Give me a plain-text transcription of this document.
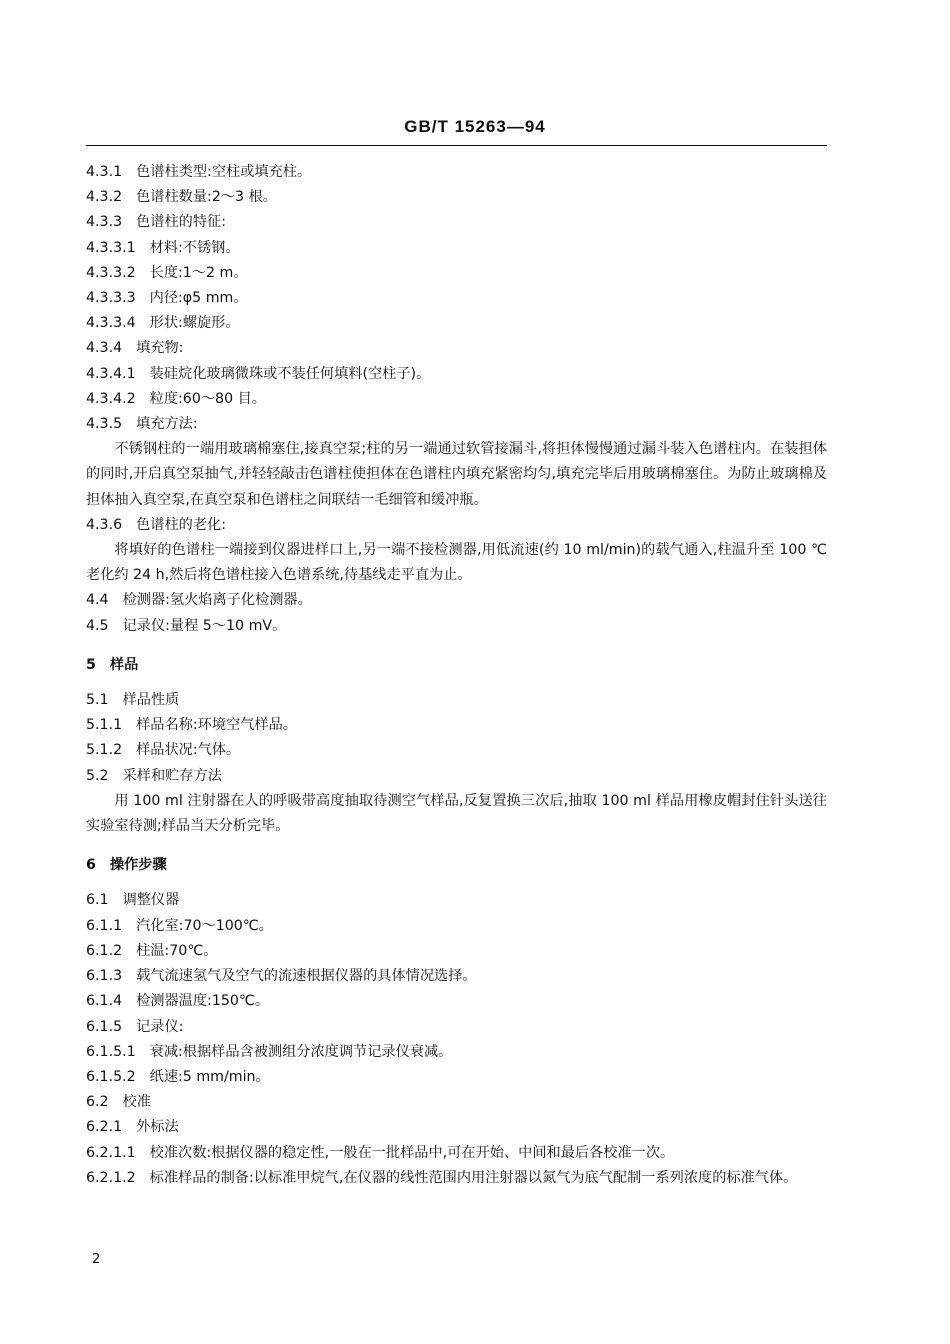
GB/T 15263—94
4.3.1 色谱柱类型:空柱或填充柱。
4.3.2 色谱柱数量:2～3 根。
4.3.3 色谱柱的特征:
4.3.3.1 材料:不锈钢。
4.3.3.2 长度:1～2 m。
4.3.3.3 内径:φ5 mm。
4.3.3.4 形状:螺旋形。
4.3.4 填充物:
4.3.4.1 装硅烷化玻璃微珠或不装任何填料(空柱子)。
4.3.4.2 粒度:60～80 目。
4.3.5 填充方法:
不锈钢柱的一端用玻璃棉塞住,接真空泵;柱的另一端通过软管接漏斗,将担体慢慢通过漏斗装入色谱柱内。在装担体的同时,开启真空泵抽气,并轻轻敲击色谱柱使担体在色谱柱内填充紧密均匀,填充完毕后用玻璃棉塞住。为防止玻璃棉及担体抽入真空泵,在真空泵和色谱柱之间联结一毛细管和缓冲瓶。
4.3.6 色谱柱的老化:
将填好的色谱柱一端接到仪器进样口上,另一端不接检测器,用低流速(约 10 ml/min)的载气通入,柱温升至 100 ℃老化约 24 h,然后将色谱柱接入色谱系统,待基线走平直为止。
4.4 检测器:氢火焰离子化检测器。
4.5 记录仪:量程 5～10 mV。
5 样品
5.1 样品性质
5.1.1 样品名称:环境空气样品。
5.1.2 样品状况:气体。
5.2 采样和贮存方法
用 100 ml 注射器在人的呼吸带高度抽取待测空气样品,反复置换三次后,抽取 100 ml 样品用橡皮帽封住针头送往实验室待测;样品当天分析完毕。
6 操作步骤
6.1 调整仪器
6.1.1 汽化室:70～100℃。
6.1.2 柱温:70℃。
6.1.3 载气流速氢气及空气的流速根据仪器的具体情况选择。
6.1.4 检测器温度:150℃。
6.1.5 记录仪:
6.1.5.1 衰减:根据样品含被测组分浓度调节记录仪衰减。
6.1.5.2 纸速:5 mm/min。
6.2 校准
6.2.1 外标法
6.2.1.1 校准次数:根据仪器的稳定性,一般在一批样品中,可在开始、中间和最后各校准一次。
6.2.1.2 标准样品的制备:以标准甲烷气,在仪器的线性范围内用注射器以氮气为底气配制一系列浓度的标准气体。
2
